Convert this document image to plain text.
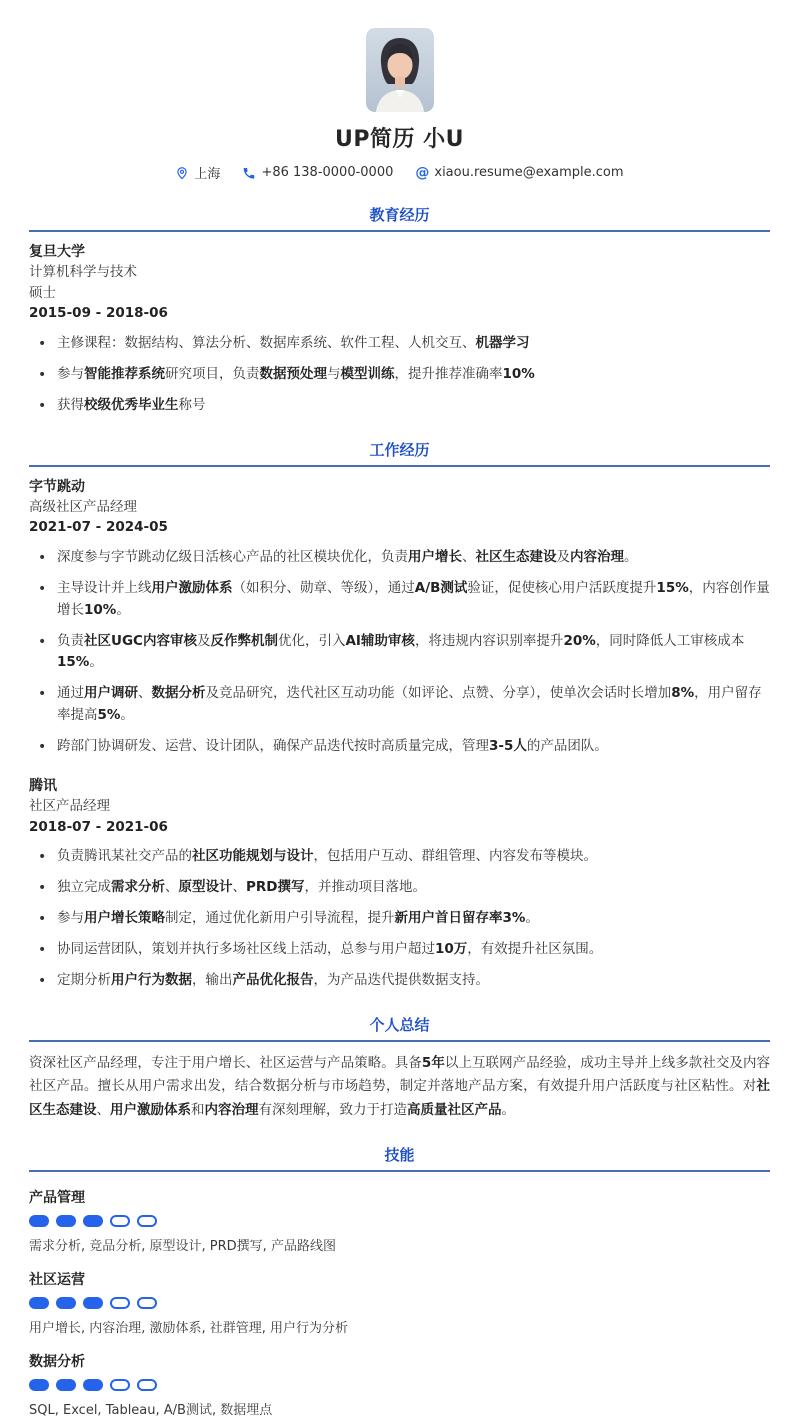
UP简历 小U
上海	+86 138-0000-0000 @ xiaou.resume@example.com
教育经历
复旦大学
计算机科学与技术
硕士
2015-09 - 2018-06
• 主修课程：数据结构、算法分析、数据库系统、软件工程、人机交互、机器学习
• 参与智能推荐系统研究项目，负责数据预处理与模型训练，提升推荐准确率10%
• 获得校级优秀毕业生称号
工作经历
字节跳动
高级社区产品经理
2021-07 - 2024-05
• 深度参与字节跳动亿级日活核心产品的社区模块优化，负责用户增长、社区生态建设及内容治理。
• 主导设计并上线用户激励体系（如积分、勋章、等级），通过A/B测试验证，促使核心用户活跃度提升15%，内容创作量增长10%。
• 负责社区UGC内容审核及反作弊机制优化，引入AI辅助审核，将违规内容识别率提升20%，同时降低人工审核成本15%。
• 通过用户调研、数据分析及竞品研究，迭代社区互动功能（如评论、点赞、分享），使单次会话时长增加8%，用户留存率提高5%。
• 跨部门协调研发、运营、设计团队，确保产品迭代按时高质量完成，管理3-5人的产品团队。
腾讯
社区产品经理
2018-07 - 2021-06
• 负责腾讯某社交产品的社区功能规划与设计，包括用户互动、群组管理、内容发布等模块。
• 独立完成需求分析、原型设计、PRD撰写，并推动项目落地。
• 参与用户增长策略制定，通过优化新用户引导流程，提升新用户首日留存率3%。
• 协同运营团队，策划并执行多场社区线上活动，总参与用户超过10万，有效提升社区氛围。
• 定期分析用户行为数据，输出产品优化报告，为产品迭代提供数据支持。
个人总结

资深社区产品经理，专注于用户增长、社区运营与产品策略。具备5年以上互联网产品经验，成功主导并上线多款社交及内容社区产品。擅长从用户需求出发，结合数据分析与市场趋势，制定并落地产品方案，有效提升用户活跃度与社区粘性。对社区生态建设、用户激励体系和内容治理有深刻理解，致力于打造高质量社区产品。

技能
产品管理
需求分析, 竞品分析, 原型设计, PRD撰写, 产品路线图
社区运营
用户增长, 内容治理, 激励体系, 社群管理, 用户行为分析
数据分析
SQL, Excel, Tableau, A/B测试, 数据埋点
